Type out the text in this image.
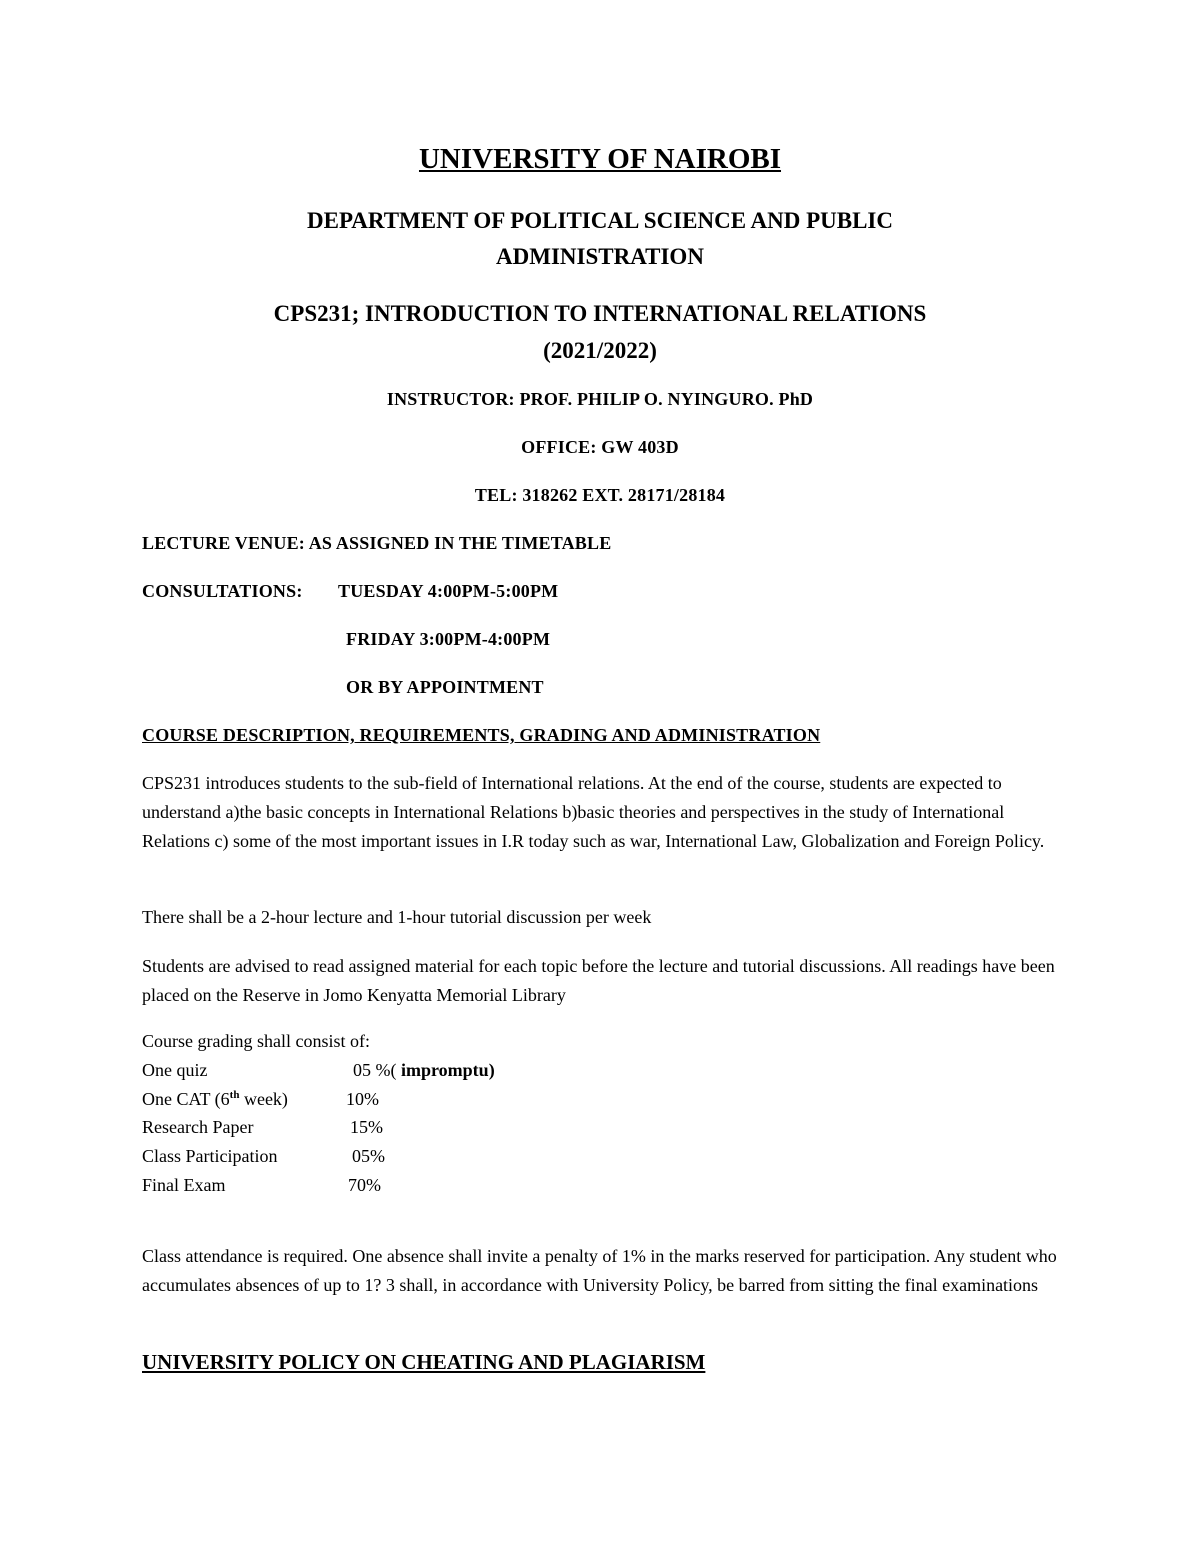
UNIVERSITY OF NAIROBI
DEPARTMENT OF POLITICAL SCIENCE AND PUBLIC
ADMINISTRATION
CPS231; INTRODUCTION TO INTERNATIONAL RELATIONS
(2021/2022)
INSTRUCTOR: PROF. PHILIP O. NYINGURO. PhD
OFFICE: GW 403D
TEL: 318262 EXT. 28171/28184
LECTURE VENUE: AS ASSIGNED IN THE TIMETABLE
CONSULTATIONS: TUESDAY 4:00PM-5:00PM
FRIDAY 3:00PM-4:00PM
OR BY APPOINTMENT
COURSE DESCRIPTION, REQUIREMENTS, GRADING AND ADMINISTRATION
CPS231 introduces students to the sub-field of International relations. At the end of the course, students are expected to understand a)the basic concepts in International Relations b)basic theories and perspectives in the study of International Relations c) some of the most important issues in I.R today such as war, International Law, Globalization and Foreign Policy.
There shall be a 2-hour lecture and 1-hour tutorial discussion per week
Students are advised to read assigned material for each topic before the lecture and tutorial discussions. All readings have been placed on the Reserve in Jomo Kenyatta Memorial Library
Course grading shall consist of:
One quiz	05 %( impromptu)
One CAT (6th week)	10%
Research Paper	15%
Class Participation	05%
Final Exam	70%
Class attendance is required. One absence shall invite a penalty of 1% in the marks reserved for participation. Any student who accumulates absences of up to 1? 3 shall, in accordance with University Policy, be barred from sitting the final examinations
UNIVERSITY POLICY ON CHEATING AND PLAGIARISM
